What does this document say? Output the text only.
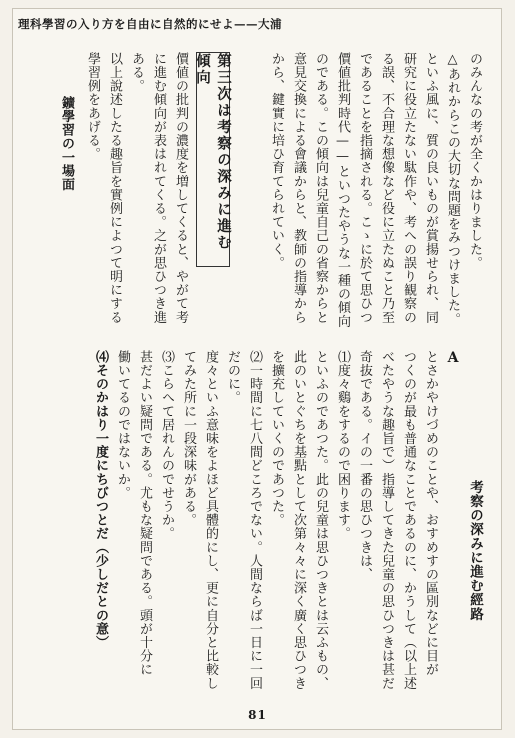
理科學習の入り方を自由に自然的にせよ——大浦
のみんなの考が全くかはりました。
△あれからこの大切な問題をみつけました。
といふ風に、質の良いものが賞揚せられ、同
研究に役立たない駄作や、考への誤り観察の
る誤、不合理な想像など役に立たぬこと乃至
であることを指摘される。こゝに於て思ひつ
價値批判時代——といつたやうな一種の傾向
のである。この傾向は兒童自己の省察からと
意見交換による會議からと、教師の指導から
から、鍵實に培ひ育てられていく。
第三次は考察の深みに進む傾向
價値の批判の濃度を増してくると、やがて考
に進む傾向が表はれてくる。之が思ひつき進
ある。
以上說述したる趣旨を實例によつて明にする
學習例をあげる。
鑛學習の一場面
考察の深みに進む經路
A
とさかやけづめのことや、おすめすの區別などに目が
つくのが最も普通なことであるのに、かうして（以上述
べたやうな趣旨で）指導してきた兒童の思ひつきは甚だ
奇抜である。イの一番の思ひつきは、
⑴度々鷄をするので困ります。
といふのであつた。此の兒童は思ひつきとは云ふもの、
此のいとぐちを基點として次第々々に深く廣く思ひつき
を擴充していくのであつた。
⑵一時間に七八間どころでない。人間ならば一日に一回
だのに。
度々といふ意味をよほど具體的にし、更に自分と比較し
てみた所に一段深味がある。
⑶こらへて居れんのでせうか。
甚だよい疑問である。尤もな疑問である。頭が十分に
働いてるのではないか。
⑷そのかはり一度にちびつとだ（少しだとの意）
81
